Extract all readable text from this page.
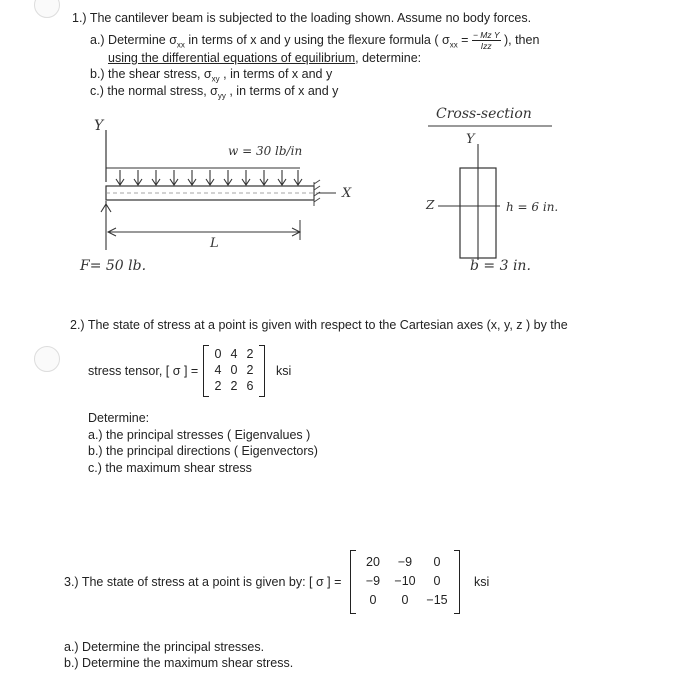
1.) The cantilever beam is subjected to the loading shown. Assume no body forces.
a.) Determine $\sigma_{xx}$ in terms of x and y using the flexure formula ( $\sigma_{xx} = \frac{\text{− Mz Y}}{\text{Izz}}$ ), then
using the differential equations of equilibrium, determine:
b.) the shear stress, $\sigma_{xy}$ , in terms of x and y
c.) the normal stress, $\sigma_{yy}$ , in terms of x and y
Y
w = 30 lb/in
X
L
F= 50 lb.
Cross-section
Y
Z	h = 6 in.
b = 3 in.
2.) The state of stress at a point is given with respect to the Cartesian axes (x, y, z ) by the
stress tensor, [ σ ] =
0 4 2
4 0 2
2 2 6
ksi
Determine:
a.) the principal stresses ( Eigenvalues )
b.) the principal directions ( Eigenvectors)
c.) the maximum shear stress
3.) The state of stress at a point is given by: [ σ ] =
20	−9	0
−9	−10	0
0	0	−15
ksi
a.) Determine the principal stresses.
b.) Determine the maximum shear stress.
